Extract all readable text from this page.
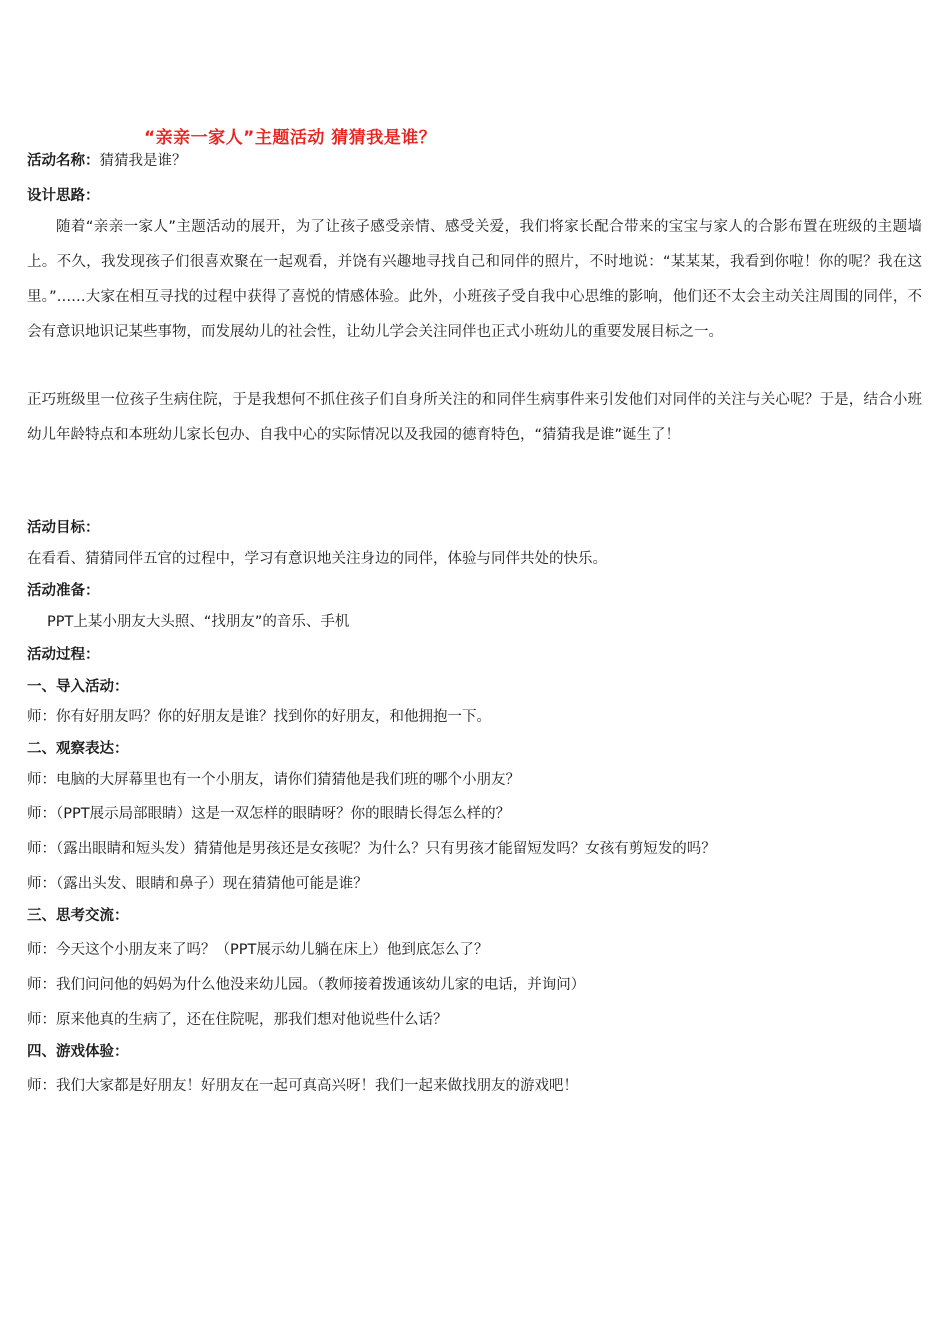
“亲亲一家人”主题活动 猜猜我是谁？
活动名称：猜猜我是谁？
设计思路：
随着“亲亲一家人”主题活动的展开，为了让孩子感受亲情、感受关爱，我们将家长配合带来的宝宝与家人的合影布置在班级的主题墙上。不久，我发现孩子们很喜欢聚在一起观看，并饶有兴趣地寻找自己和同伴的照片，不时地说：“某某某，我看到你啦！你的呢？我在这里。”……大家在相互寻找的过程中获得了喜悦的情感体验。此外，小班孩子受自我中心思维的影响，他们还不太会主动关注周围的同伴，不会有意识地识记某些事物，而发展幼儿的社会性，让幼儿学会关注同伴也正式小班幼儿的重要发展目标之一。
正巧班级里一位孩子生病住院，于是我想何不抓住孩子们自身所关注的和同伴生病事件来引发他们对同伴的关注与关心呢？于是，结合小班幼儿年龄特点和本班幼儿家长包办、自我中心的实际情况以及我园的德育特色，“猜猜我是谁”诞生了！
活动目标：
在看看、猜猜同伴五官的过程中，学习有意识地关注身边的同伴，体验与同伴共处的快乐。
活动准备：
PPT上某小朋友大头照、“找朋友”的音乐、手机
活动过程：
一、导入活动：
师：你有好朋友吗？你的好朋友是谁？找到你的好朋友，和他拥抱一下。
二、观察表达：
师：电脑的大屏幕里也有一个小朋友，请你们猜猜他是我们班的哪个小朋友？
师：（PPT展示局部眼睛）这是一双怎样的眼睛呀？你的眼睛长得怎么样的？
师：（露出眼睛和短头发）猜猜他是男孩还是女孩呢？为什么？只有男孩才能留短发吗？女孩有剪短发的吗？
师：（露出头发、眼睛和鼻子）现在猜猜他可能是谁？
三、思考交流：
师：今天这个小朋友来了吗？（PPT展示幼儿躺在床上）他到底怎么了？
师：我们问问他的妈妈为什么他没来幼儿园。（教师接着拨通该幼儿家的电话，并询问）
师：原来他真的生病了，还在住院呢，那我们想对他说些什么话？
四、游戏体验：
师：我们大家都是好朋友！好朋友在一起可真高兴呀！我们一起来做找朋友的游戏吧！
